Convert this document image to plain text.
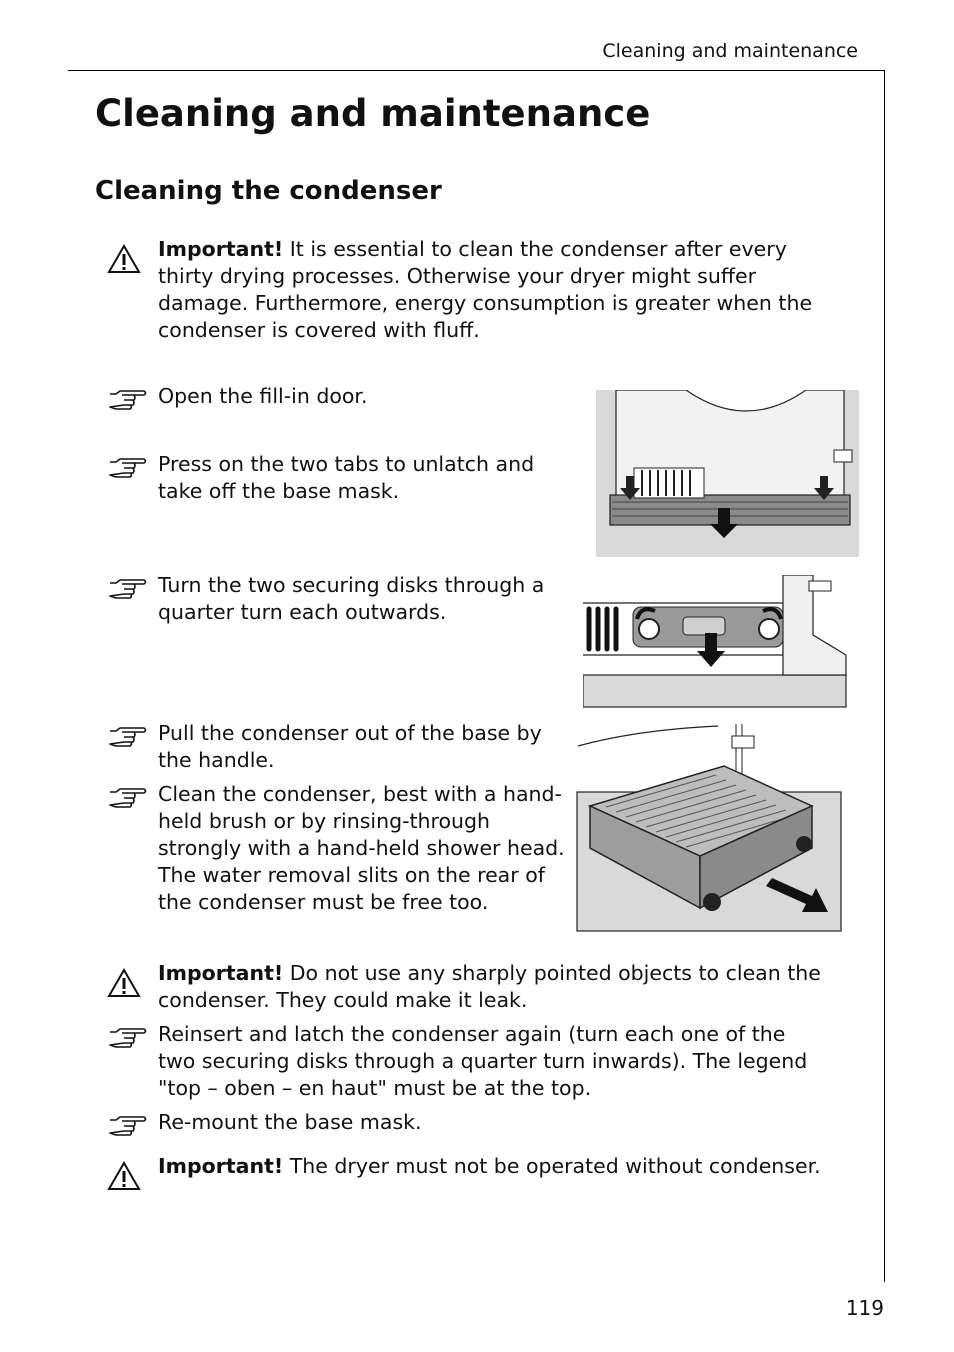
Cleaning and maintenance
Cleaning and maintenance
Cleaning the condenser
Important! It is essential to clean the condenser after every thirty drying processes. Otherwise your dryer might suffer damage. Furthermore, energy consumption is greater when the condenser is covered with fluff.
Open the fill-in door.
Press on the two tabs to unlatch and take off the base mask.
Turn the two securing disks through a quarter turn each outwards.
Pull the condenser out of the base by the handle.
Clean the condenser, best with a hand-held brush or by rinsing-through strongly with a hand-held shower head. The water removal slits on the rear of the condenser must be free too.
Important! Do not use any sharply pointed objects to clean the condenser. They could make it leak.
Reinsert and latch the condenser again (turn each one of the two securing disks through a quarter turn inwards). The legend "top – oben – en haut" must be at the top.
Re-mount the base mask.
Important! The dryer must not be operated without condenser.
119
